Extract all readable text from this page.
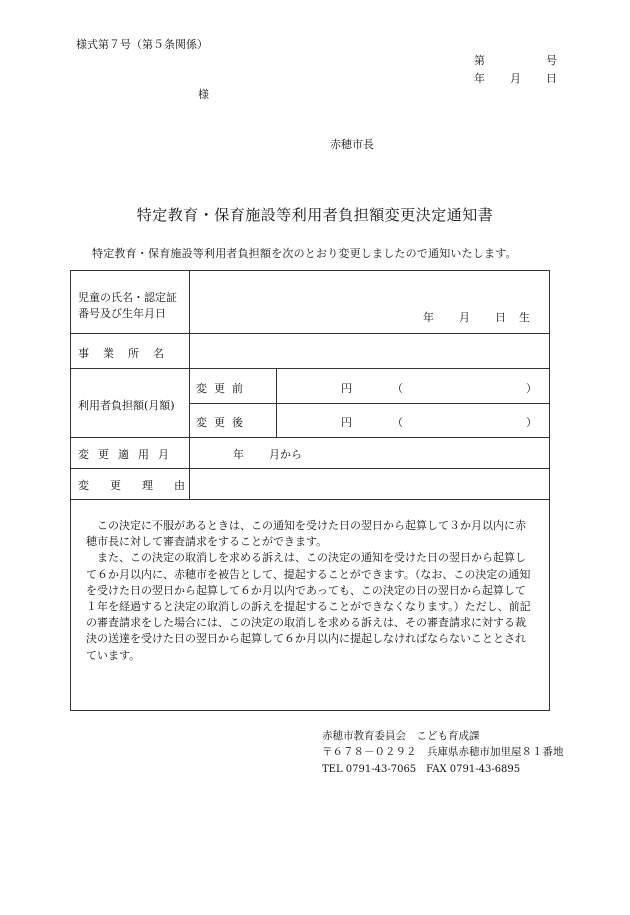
様式第７号（第５条関係）
第	号
年 月 日
様
赤穂市長
特定教育・保育施設等利用者負担額変更決定通知書
特定教育・保育施設等利用者負担額を次のとおり変更しましたので通知いたします。
児童の氏名・認定証
番号及び生年月日	年 月 日 生
事業所名
利用者負担額(月額)
変更前	円	（	）
変更後	円	（	）
変更適用月	年 月から
変更理由

この決定に不服があるときは、この通知を受けた日の翌日から起算して３か月以内に赤穂市長に対して審査請求をすることができます。

また、この決定の取消しを求める訴えは、この決定の通知を受けた日の翌日から起算して６か月以内に、赤穂市を被告として、提起することができます。（なお、この決定の通知を受けた日の翌日から起算して６か月以内であっても、この決定の日の翌日から起算して１年を経過すると決定の取消しの訴えを提起することができなくなります。）ただし、前記の審査請求をした場合には、この決定の取消しを求める訴えは、その審査請求に対する裁決の送達を受けた日の翌日から起算して６か月以内に提起しなければならないこととされています。

赤穂市教育委員会　こども育成課
〒６７８－０２９２　兵庫県赤穂市加里屋８１番地
TEL 0791-43-7065　FAX 0791-43-6895
